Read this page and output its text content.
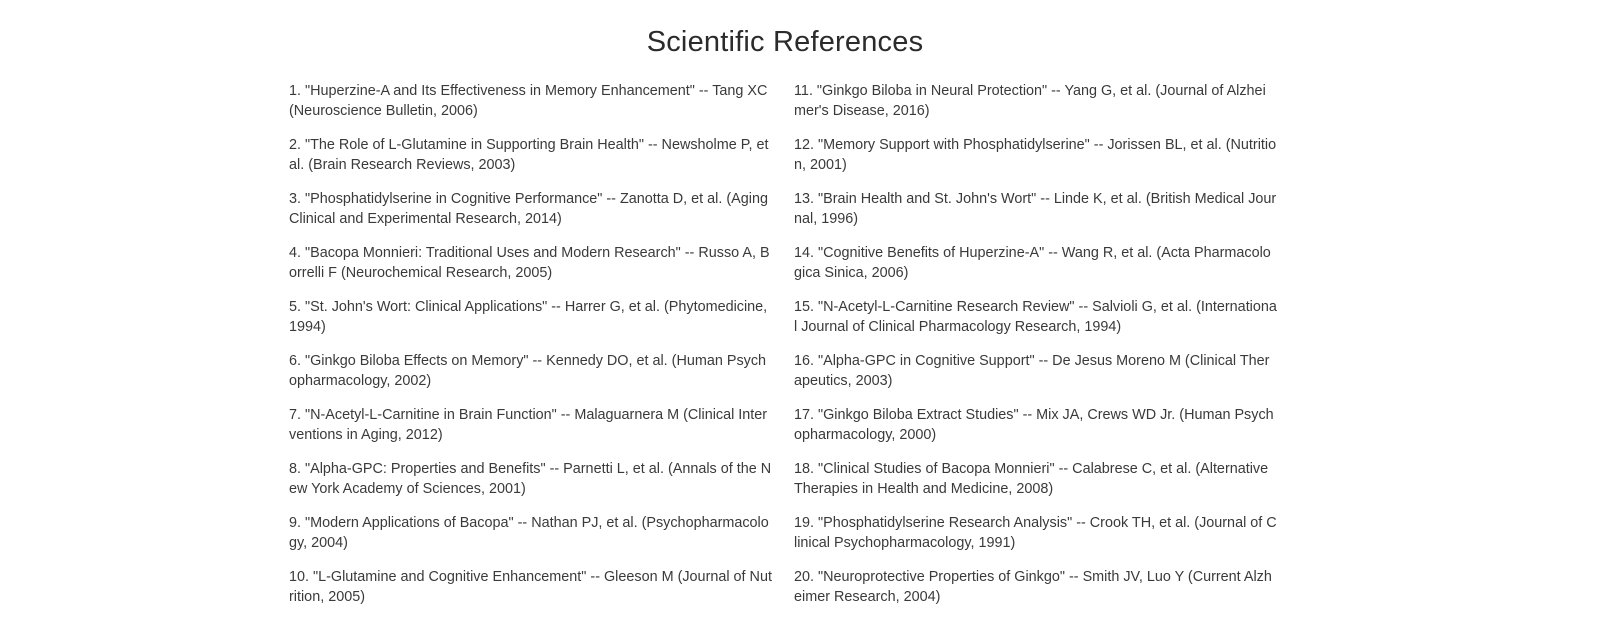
Scientific References

1. "Huperzine-A and Its Effectiveness in Memory Enhancement" -- Tang XC (Neuroscience Bulletin, 2006)

2. "The Role of L-Glutamine in Supporting Brain Health" -- Newsholme P, et al. (Brain Research Reviews, 2003)

3. "Phosphatidylserine in Cognitive Performance" -- Zanotta D, et al. (Aging Clinical and Experimental Research, 2014)

4. "Bacopa Monnieri: Traditional Uses and Modern Research" -- Russo A, Borrelli F (Neurochemical Research, 2005)

5. "St. John's Wort: Clinical Applications" -- Harrer G, et al. (Phytomedicine, 1994)

6. "Ginkgo Biloba Effects on Memory" -- Kennedy DO, et al. (Human Psychopharmacology, 2002)

7. "N-Acetyl-L-Carnitine in Brain Function" -- Malaguarnera M (Clinical Interventions in Aging, 2012)

8. "Alpha-GPC: Properties and Benefits" -- Parnetti L, et al. (Annals of the New York Academy of Sciences, 2001)

9. "Modern Applications of Bacopa" -- Nathan PJ, et al. (Psychopharmacology, 2004)

10. "L-Glutamine and Cognitive Enhancement" -- Gleeson M (Journal of Nutrition, 2005)

11. "Ginkgo Biloba in Neural Protection" -- Yang G, et al. (Journal of Alzheimer's Disease, 2016)

12. "Memory Support with Phosphatidylserine" -- Jorissen BL, et al. (Nutrition, 2001)

13. "Brain Health and St. John's Wort" -- Linde K, et al. (British Medical Journal, 1996)

14. "Cognitive Benefits of Huperzine-A" -- Wang R, et al. (Acta Pharmacologica Sinica, 2006)

15. "N-Acetyl-L-Carnitine Research Review" -- Salvioli G, et al. (International Journal of Clinical Pharmacology Research, 1994)

16. "Alpha-GPC in Cognitive Support" -- De Jesus Moreno M (Clinical Therapeutics, 2003)

17. "Ginkgo Biloba Extract Studies" -- Mix JA, Crews WD Jr. (Human Psychopharmacology, 2000)

18. "Clinical Studies of Bacopa Monnieri" -- Calabrese C, et al. (Alternative Therapies in Health and Medicine, 2008)

19. "Phosphatidylserine Research Analysis" -- Crook TH, et al. (Journal of Clinical Psychopharmacology, 1991)

20. "Neuroprotective Properties of Ginkgo" -- Smith JV, Luo Y (Current Alzheimer Research, 2004)
